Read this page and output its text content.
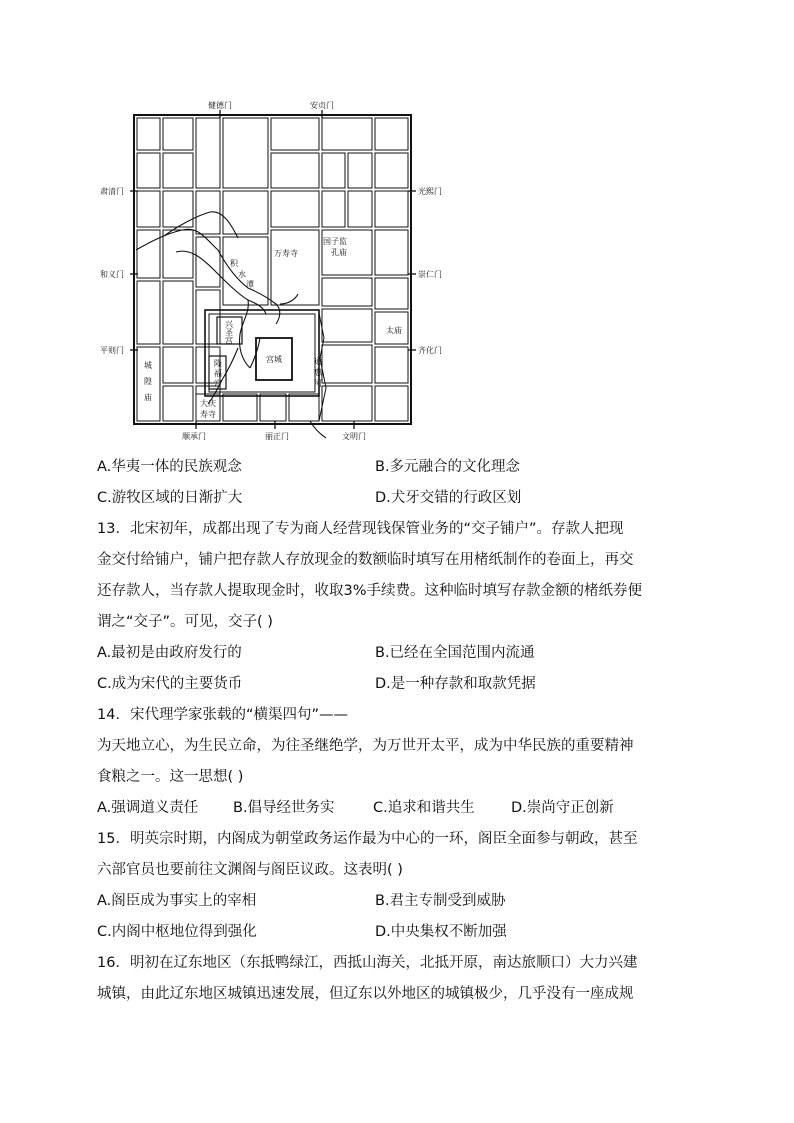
健德门	安贞门
肃清门
和义门
平则门
光熙门
崇仁门
齐化门
顺承门	丽正门	文明门
万寿寺
国子监
孔庙
积
水
潭
兴
圣
宫
隆
福
宫
宫城
太庙
通
惠
河
城
隍
庙
大庆
寿寺
A.华夷一体的民族观念	B.多元融合的文化理念
C.游牧区域的日渐扩大	D.犬牙交错的行政区划
13．北宋初年，成都出现了专为商人经营现钱保管业务的“交子铺户”。存款人把现
金交付给铺户，铺户把存款人存放现金的数额临时填写在用楮纸制作的卷面上，再交
还存款人，当存款人提取现金时，收取3%手续费。这种临时填写存款金额的楮纸券便
谓之“交子”。可见，交子( )
A.最初是由政府发行的	B.已经在全国范围内流通
C.成为宋代的主要货币	D.是一种存款和取款凭据
14．宋代理学家张载的“横渠四句”——
为天地立心，为生民立命，为往圣继绝学，为万世开太平，成为中华民族的重要精神
食粮之一。这一思想( )
A.强调道义责任 B.倡导经世务实	C.追求和谐共生	D.崇尚守正创新
15．明英宗时期，内阁成为朝堂政务运作最为中心的一环，阁臣全面参与朝政，甚至
六部官员也要前往文渊阁与阁臣议政。这表明( )
A.阁臣成为事实上的宰相	B.君主专制受到威胁
C.内阁中枢地位得到强化	D.中央集权不断加强
16．明初在辽东地区（东抵鸭绿江，西抵山海关，北抵开原，南达旅顺口）大力兴建
城镇，由此辽东地区城镇迅速发展，但辽东以外地区的城镇极少，几乎没有一座成规
